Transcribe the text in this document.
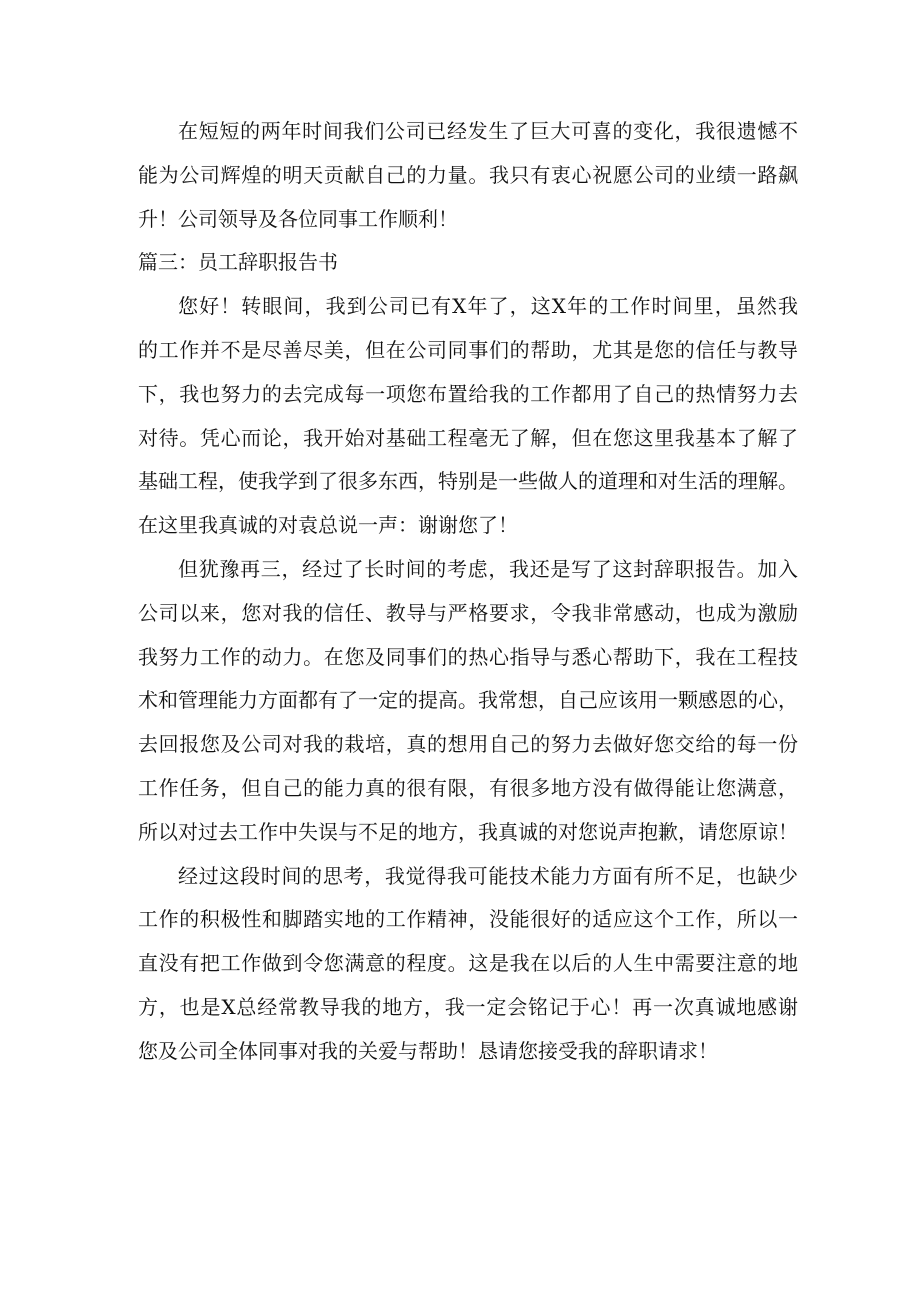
在短短的两年时间我们公司已经发生了巨大可喜的变化，我很遗憾不
能为公司辉煌的明天贡献自己的力量。我只有衷心祝愿公司的业绩一路飙
升！公司领导及各位同事工作顺利！
篇三：员工辞职报告书
您好！转眼间，我到公司已有X年了，这X年的工作时间里，虽然我
的工作并不是尽善尽美，但在公司同事们的帮助，尤其是您的信任与教导
下，我也努力的去完成每一项您布置给我的工作都用了自己的热情努力去
对待。凭心而论，我开始对基础工程毫无了解，但在您这里我基本了解了
基础工程，使我学到了很多东西，特别是一些做人的道理和对生活的理解。
在这里我真诚的对袁总说一声：谢谢您了！
但犹豫再三，经过了长时间的考虑，我还是写了这封辞职报告。加入
公司以来，您对我的信任、教导与严格要求，令我非常感动，也成为激励
我努力工作的动力。在您及同事们的热心指导与悉心帮助下，我在工程技
术和管理能力方面都有了一定的提高。我常想，自己应该用一颗感恩的心，
去回报您及公司对我的栽培，真的想用自己的努力去做好您交给的每一份
工作任务，但自己的能力真的很有限，有很多地方没有做得能让您满意，
所以对过去工作中失误与不足的地方，我真诚的对您说声抱歉，请您原谅！
经过这段时间的思考，我觉得我可能技术能力方面有所不足，也缺少
工作的积极性和脚踏实地的工作精神，没能很好的适应这个工作，所以一
直没有把工作做到令您满意的程度。这是我在以后的人生中需要注意的地
方，也是X总经常教导我的地方，我一定会铭记于心！再一次真诚地感谢
您及公司全体同事对我的关爱与帮助！恳请您接受我的辞职请求！
